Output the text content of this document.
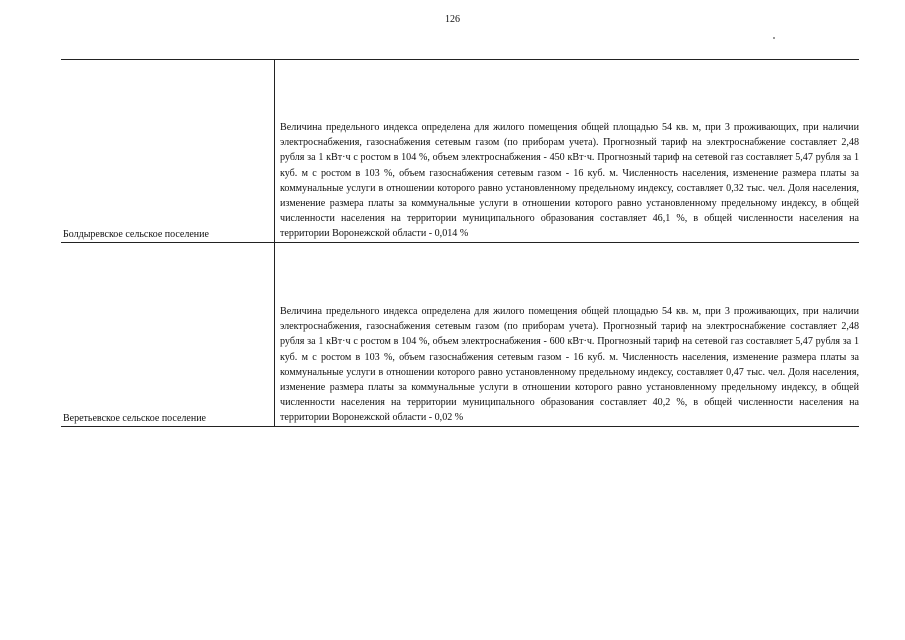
126
Болдыревское сельское поселение

Величина предельного индекса определена для жилого помещения общей площадью 54 кв. м, при 3 проживающих, при наличии электроснабжения, газоснабжения сетевым газом (по приборам учета). Прогнозный тариф на электроснабжение составляет 2,48 рубля за 1 кВт·ч с ростом в 104 %, объем электроснабжения - 450 кВт·ч. Прогнозный тариф на сетевой газ составляет 5,47 рубля за 1 куб. м с ростом в 103 %, объем газоснабжения сетевым газом - 16 куб. м. Численность населения, изменение размера платы за коммунальные услуги в отношении которого равно установленному предельному индексу, составляет 0,32 тыс. чел. Доля населения, изменение размера платы за коммунальные услуги в отношении которого равно установленному предельному индексу, в общей численности населения на территории муниципального образования составляет 46,1 %, в общей численности населения на территории Воронежской области - 0,014 %

Веретьевское сельское поселение

Величина предельного индекса определена для жилого помещения общей площадью 54 кв. м, при 3 проживающих, при наличии электроснабжения, газоснабжения сетевым газом (по приборам учета). Прогнозный тариф на электроснабжение составляет 2,48 рубля за 1 кВт·ч с ростом в 104 %, объем электроснабжения - 600 кВт·ч. Прогнозный тариф на сетевой газ составляет 5,47 рубля за 1 куб. м с ростом в 103 %, объем газоснабжения сетевым газом - 16 куб. м. Численность населения, изменение размера платы за коммунальные услуги в отношении которого равно установленному предельному индексу, составляет 0,47 тыс. чел. Доля населения, изменение размера платы за коммунальные услуги в отношении которого равно установленному предельному индексу, в общей численности населения на территории муниципального образования составляет 40,2 %, в общей численности населения на территории Воронежской области - 0,02 %
